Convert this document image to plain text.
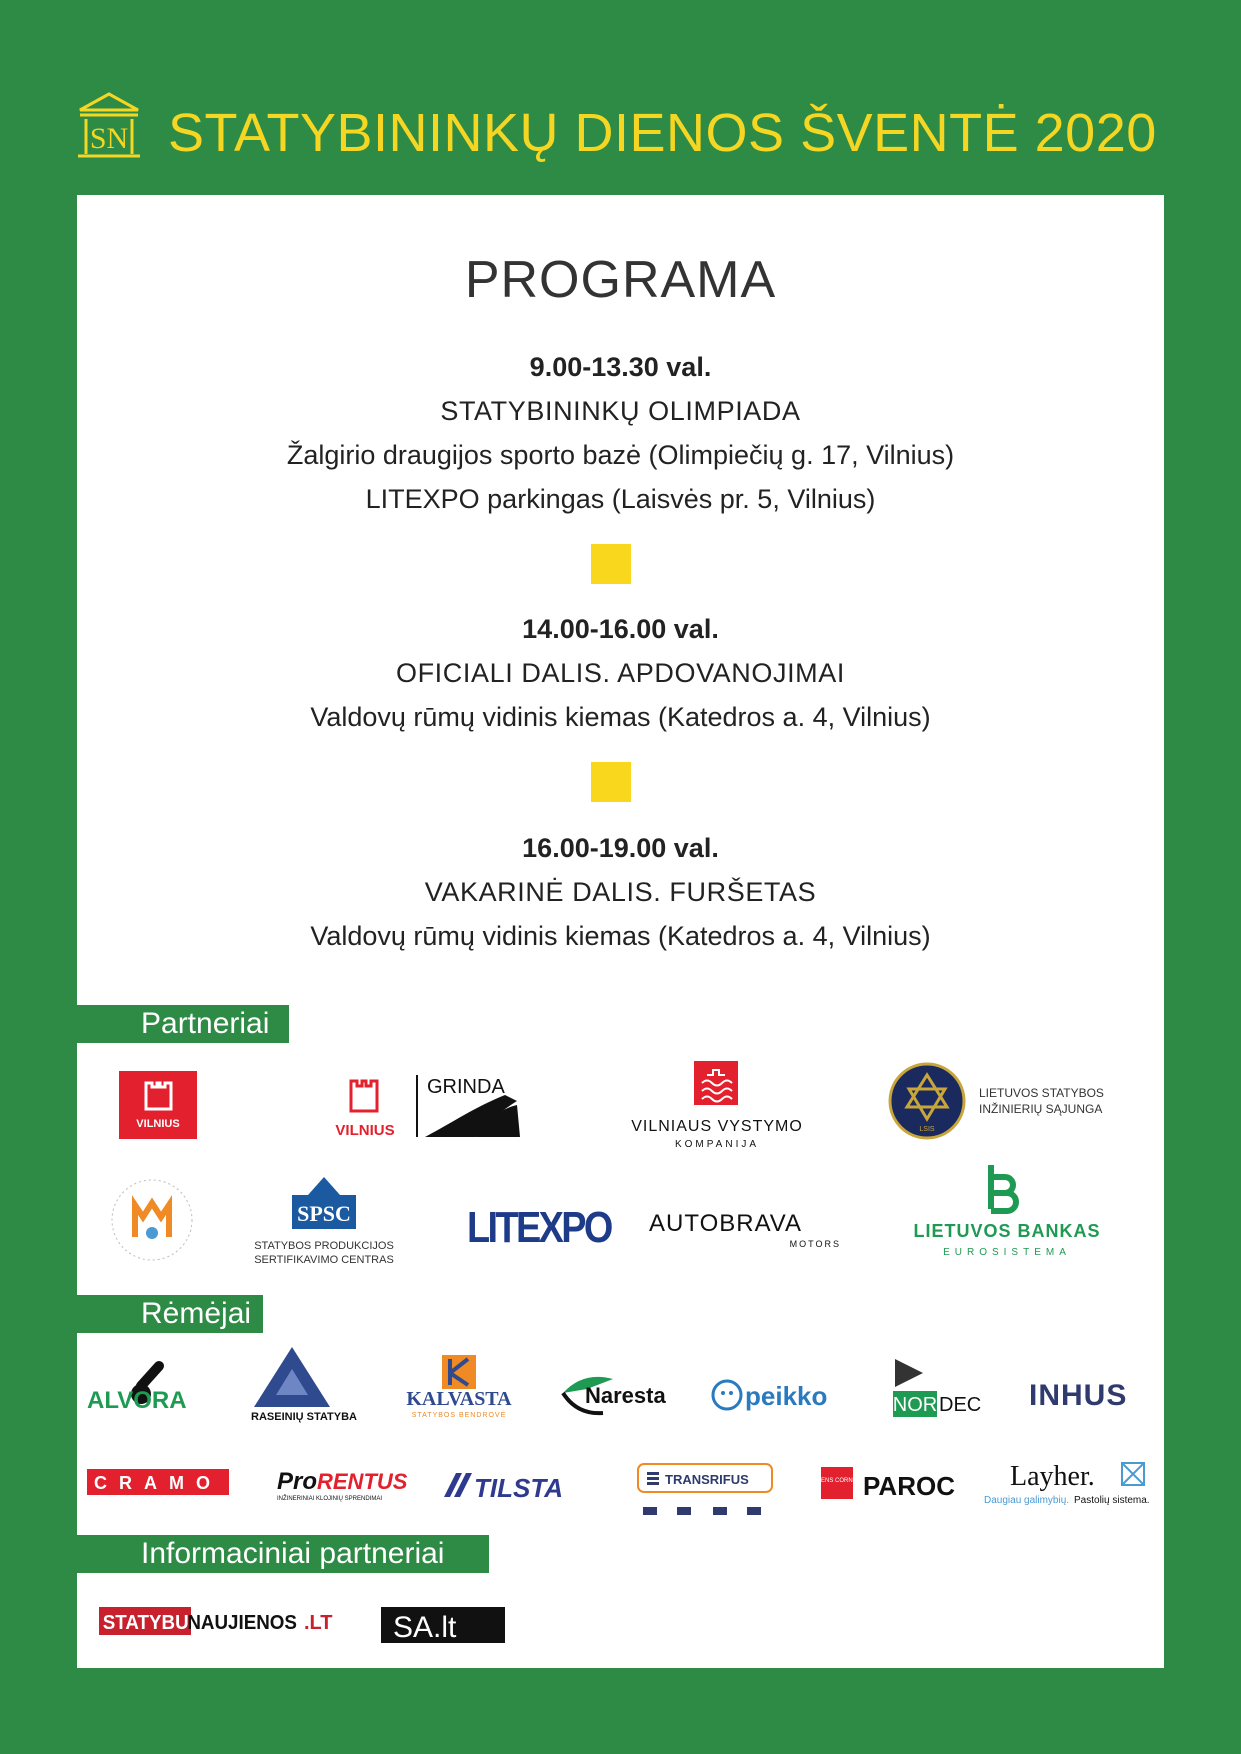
SN STATYBININKŲ DIENOS ŠVENTĖ 2020
PROGRAMA
9.00-13.30 val.
STATYBININKŲ OLIMPIADA
Žalgirio draugijos sporto bazė (Olimpiečių g. 17, Vilnius)
LITEXPO parkingas (Laisvės pr. 5, Vilnius)
14.00-16.00 val.
OFICIALI DALIS. APDOVANOJIMAI
Valdovų rūmų vidinis kiemas (Katedros a. 4, Vilnius)
16.00-19.00 val.
VAKARINĖ DALIS. FURŠETAS
Valdovų rūmų vidinis kiemas (Katedros a. 4, Vilnius)
Partneriai
VILNIUS	VILNIUS
GRINDA
VILNIAUS VYSTYMO
KOMPANIJA
LSIS
LIETUVOS STATYBOS
INŽINIERIŲ SĄJUNGA
SPSC
STATYBOS PRODUKCIJOS
SERTIFIKAVIMO CENTRAS
LITEXPO AUTOBRAVA
MOTORS
LIETUVOS BANKAS
EUROSISTEMA
Rėmėjai
ALVORA
RASEINIŲ STATYBA
KALVASTA
STATYBOS BENDROVĖ
Naresta	peikko	NOR DEC INHUS
CRAMO Pro RENTUS
INŽINERINIAI KLOJINIŲ SPRENDIMAI	TILSTA	TRANSRIFUS	OWENS CORNING PAROC Layher.
Daugiau galimybių. Pastolių sistema.
Informaciniai partneriai
STATYBU
NAUJIENOS .LT SA.lt
